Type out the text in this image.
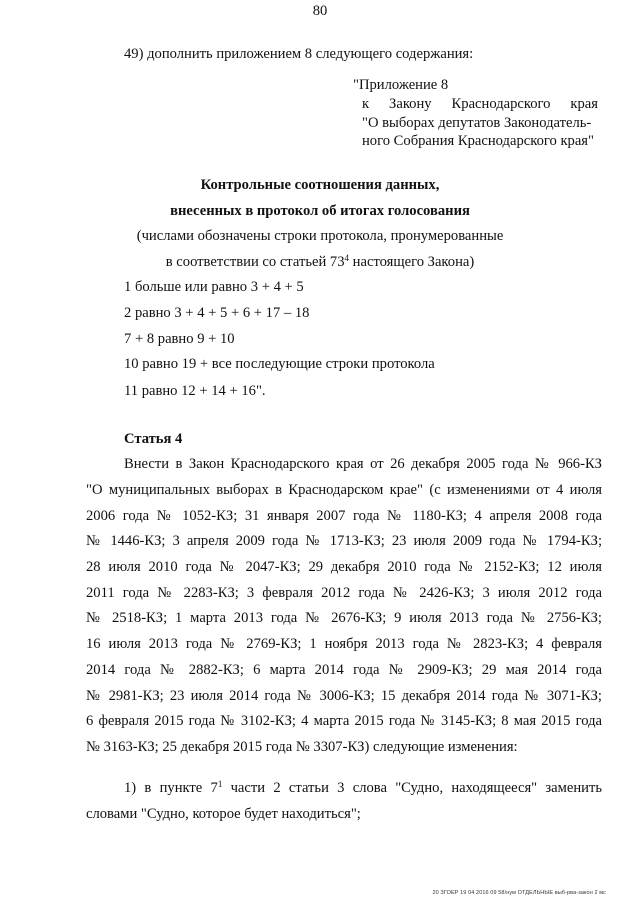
80
49) дополнить приложением 8 следующего содержания:
"Приложение 8
к Закону Краснодарского края
"О выборах депутатов Законодатель-
ного Собрания Краснодарского края"
Контрольные соотношения данных,
внесенных в протокол об итогах голосования
(числами обозначены строки протокола, пронумерованные
в соответствии со статьей $73^4$ настоящего Закона)
1 больше или равно 3 + 4 + 5
2 равно 3 + 4 + 5 + 6 + 17 – 18
7 + 8 равно 9 + 10
10 равно 19 + все последующие строки протокола
11 равно 12 + 14 + 16".
Статья 4
Внести в Закон Краснодарского края от 26 декабря 2005 года № 966-КЗ
"О муниципальных выборах в Краснодарском крае" (с изменениями от 4 июля
2006 года № 1052-КЗ; 31 января 2007 года № 1180-КЗ; 4 апреля 2008 года
№ 1446-КЗ; 3 апреля 2009 года № 1713-КЗ; 23 июля 2009 года № 1794-КЗ;
28 июля 2010 года № 2047-КЗ; 29 декабря 2010 года № 2152-КЗ; 12 июля
2011 года № 2283-КЗ; 3 февраля 2012 года № 2426-КЗ; 3 июля 2012 года
№ 2518-КЗ; 1 марта 2013 года № 2676-КЗ; 9 июля 2013 года № 2756-КЗ;
16 июля 2013 года № 2769-КЗ; 1 ноября 2013 года № 2823-КЗ; 4 февраля
2014 года № 2882-КЗ; 6 марта 2014 года № 2909-КЗ; 29 мая 2014 года
№ 2981-КЗ; 23 июля 2014 года № 3006-КЗ; 15 декабря 2014 года № 3071-КЗ;
6 февраля 2015 года № 3102-КЗ; 4 марта 2015 года № 3145-КЗ; 8 мая 2015 года
№ 3163-КЗ; 25 декабря 2015 года № 3307-КЗ) следующие изменения:
1) в пункте $7^1$ части 2 статьи 3 слова "Судно, находящееся" заменить
словами "Судно, которое будет находиться";
20 ЗГОЕР 19 04 2016 09 58/нум ОТДЕЛЬНЫЕ выб-рва-закон 2 мс
